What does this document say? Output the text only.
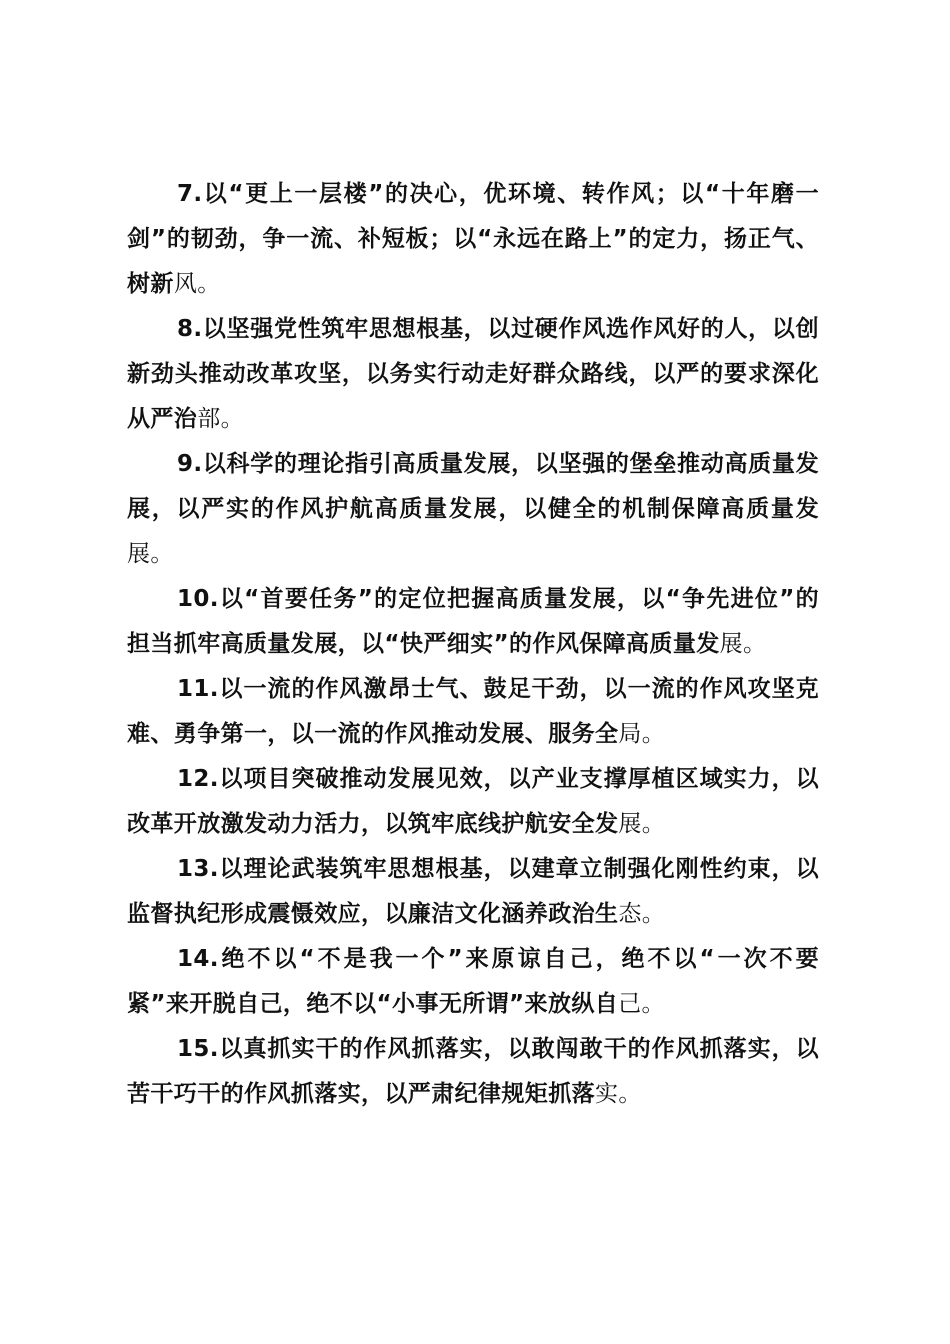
7.以“更上一层楼”的决心，优环境、转作风；以“十年磨一剑”的韧劲，争一流、补短板；以“永远在路上”的定力，扬正气、树新风。

8.以坚强党性筑牢思想根基，以过硬作风选作风好的人，以创新劲头推动改革攻坚，以务实行动走好群众路线，以严的要求深化从严治部。

9.以科学的理论指引高质量发展，以坚强的堡垒推动高质量发展，以严实的作风护航高质量发展，以健全的机制保障高质量发展。

10.以“首要任务”的定位把握高质量发展，以“争先进位”的担当抓牢高质量发展，以“快严细实”的作风保障高质量发展。

11.以一流的作风激昂士气、鼓足干劲，以一流的作风攻坚克难、勇争第一，以一流的作风推动发展、服务全局。

12.以项目突破推动发展见效，以产业支撑厚植区域实力，以改革开放激发动力活力，以筑牢底线护航安全发展。

13.以理论武装筑牢思想根基，以建章立制强化刚性约束，以监督执纪形成震慑效应，以廉洁文化涵养政治生态。

14.绝不以“不是我一个”来原谅自己，绝不以“一次不要紧”来开脱自己，绝不以“小事无所谓”来放纵自己。

15.以真抓实干的作风抓落实，以敢闯敢干的作风抓落实，以苦干巧干的作风抓落实，以严肃纪律规矩抓落实。
